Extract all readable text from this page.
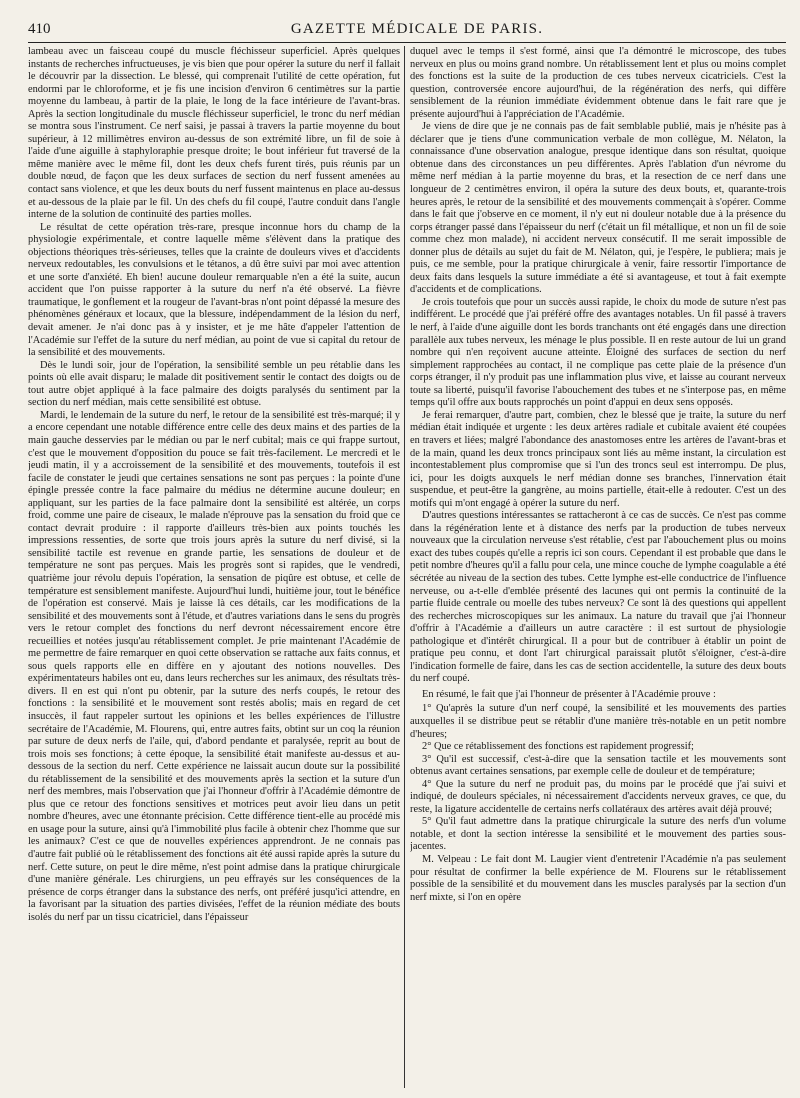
410	GAZETTE MÉDICALE DE PARIS.

lambeau avec un faisceau coupé du muscle fléchisseur superficiel. Après quelques instants de recherches infructueuses, je vis bien que pour opérer la suture du nerf il fallait le découvrir par la dissection. Le blessé, qui comprenait l'utilité de cette opération, fut endormi par le chloroforme, et je fis une incision d'environ 6 centimètres sur la partie moyenne du lambeau, à partir de la plaie, le long de la face intérieure de l'avant-bras. Après la section longitudinale du muscle fléchisseur superficiel, le tronc du nerf médian se montra sous l'instrument. Ce nerf saisi, je passai à travers la partie moyenne du bout supérieur, à 12 millimètres environ au-dessus de son extrémité libre, un fil de soie à l'aide d'une aiguille à staphyloraphie presque droite; le bout inférieur fut traversé de la même manière avec le même fil, dont les deux chefs furent tirés, puis réunis par un double nœud, de façon que les deux surfaces de section du nerf fussent amenées au contact sans violence, et que les deux bouts du nerf fussent maintenus en place au-dessus et au-dessous de la plaie par le fil. Un des chefs du fil coupé, l'autre conduit dans l'angle interne de la solution de continuité des parties molles.

Le résultat de cette opération très-rare, presque inconnue hors du champ de la physiologie expérimentale, et contre laquelle même s'élèvent dans la pratique des objections théoriques très-sérieuses, telles que la crainte de douleurs vives et d'accidents nerveux redoutables, les convulsions et le tétanos, a dû être suivi par moi avec attention et une sorte d'anxiété. Eh bien! aucune douleur remarquable n'en a été la suite, aucun accident que l'on puisse rapporter à la suture du nerf n'a été observé. La fièvre traumatique, le gonflement et la rougeur de l'avant-bras n'ont point dépassé la mesure des phénomènes généraux et locaux, que la blessure, indépendamment de la lésion du nerf, devait amener. Je n'ai donc pas à y insister, et je me hâte d'appeler l'attention de l'Académie sur l'effet de la suture du nerf médian, au point de vue si capital du retour de la sensibilité et des mouvements.

Dès le lundi soir, jour de l'opération, la sensibilité semble un peu rétablie dans les points où elle avait disparu; le malade dit positivement sentir le contact des doigts ou de tout autre objet appliqué à la face palmaire des doigts paralysés du sentiment par la section du nerf médian, mais cette sensibilité est obtuse.

Mardi, le lendemain de la suture du nerf, le retour de la sensibilité est très-marqué; il y a encore cependant une notable différence entre celle des deux mains et des parties de la main gauche desservies par le médian ou par le nerf cubital; mais ce qui frappe surtout, c'est que le mouvement d'opposition du pouce se fait très-facilement. Le mercredi et le jeudi matin, il y a accroissement de la sensibilité et des mouvements, toutefois il est facile de constater le jeudi que certaines sensations ne sont pas perçues : la pointe d'une épingle pressée contre la face palmaire du médius ne détermine aucune douleur; en appliquant, sur les parties de la face palmaire dont la sensibilité est altérée, un corps froid, comme une paire de ciseaux, le malade n'éprouve pas la sensation du froid que ce contact devrait produire : il rapporte d'ailleurs très-bien aux points touchés les impressions ressenties, de sorte que trois jours après la suture du nerf divisé, si la sensibilité tactile est revenue en grande partie, les sensations de douleur et de température ne sont pas perçues. Mais les progrès sont si rapides, que le vendredi, quatrième jour révolu depuis l'opération, la sensation de piqûre est obtuse, et celle de température est sensiblement manifeste. Aujourd'hui lundi, huitième jour, tout le bénéfice de l'opération est conservé. Mais je laisse là ces détails, car les modifications de la sensibilité et des mouvements sont à l'étude, et d'autres variations dans le sens du progrès vers le retour complet des fonctions du nerf devront nécessairement encore être recueillies et notées jusqu'au rétablissement complet. Je prie maintenant l'Académie de me permettre de faire remarquer en quoi cette observation se rattache aux faits connus, et sous quels rapports elle en diffère en y ajoutant des notions nouvelles. Des expérimentateurs habiles ont eu, dans leurs recherches sur les animaux, des résultats très-divers. Il en est qui n'ont pu obtenir, par la suture des nerfs coupés, le retour des fonctions : la sensibilité et le mouvement sont restés abolis; mais en regard de cet insuccès, il faut rappeler surtout les opinions et les belles expériences de l'illustre secrétaire de l'Académie, M. Flourens, qui, entre autres faits, obtint sur un coq la réunion par suture de deux nerfs de l'aile, qui, d'abord pendante et paralysée, reprit au bout de trois mois ses fonctions; à cette époque, la sensibilité était manifeste au-dessus et au-dessous de la section du nerf. Cette expérience ne laissait aucun doute sur la possibilité du rétablissement de la sensibilité et des mouvements après la section et la suture d'un nerf des membres, mais l'observation que j'ai l'honneur d'offrir à l'Académie démontre de plus que ce retour des fonctions sensitives et motrices peut avoir lieu dans un petit nombre d'heures, avec une étonnante précision. Cette différence tient-elle au procédé mis en usage pour la suture, ainsi qu'à l'immobilité plus facile à obtenir chez l'homme que sur les animaux? C'est ce que de nouvelles expériences apprendront. Je ne connais pas d'autre fait publié où le rétablissement des fonctions ait été aussi rapide après la suture du nerf. Cette suture, on peut le dire même, n'est point admise dans la pratique chirurgicale d'une manière générale. Les chirurgiens, un peu effrayés sur les conséquences de la présence de corps étranger dans la substance des nerfs, ont préféré jusqu'ici attendre, en la favorisant par la situation des parties divisées, l'effet de la réunion médiate des bouts isolés du nerf par un tissu cicatriciel, dans l'épaisseur

duquel avec le temps il s'est formé, ainsi que l'a démontré le microscope, des tubes nerveux en plus ou moins grand nombre. Un rétablissement lent et plus ou moins complet des fonctions est la suite de la production de ces tubes nerveux cicatriciels. C'est la question, controversée encore aujourd'hui, de la régénération des nerfs, qui diffère sensiblement de la réunion immédiate évidemment obtenue dans le fait rare que je présente aujourd'hui à l'appréciation de l'Académie.

Je viens de dire que je ne connais pas de fait semblable publié, mais je n'hésite pas à déclarer que je tiens d'une communication verbale de mon collègue, M. Nélaton, la connaissance d'une observation analogue, presque identique dans son résultat, quoique obtenue dans des circonstances un peu différentes. Après l'ablation d'un névrome du même nerf médian à la partie moyenne du bras, et la resection de ce nerf dans une longueur de 2 centimètres environ, il opéra la suture des deux bouts, et, quarante-trois heures après, le retour de la sensibilité et des mouvements commençait à s'opérer. Comme dans le fait que j'observe en ce moment, il n'y eut ni douleur notable due à la présence du corps étranger passé dans l'épaisseur du nerf (c'était un fil métallique, et non un fil de soie comme chez mon malade), ni accident nerveux consécutif. Il me serait impossible de donner plus de détails au sujet du fait de M. Nélaton, qui, je l'espère, le publiera; mais je puis, ce me semble, pour la pratique chirurgicale à venir, faire ressortir l'importance de deux faits dans lesquels la suture immédiate a été si avantageuse, et tout à fait exempte d'accidents et de complications.

Je crois toutefois que pour un succès aussi rapide, le choix du mode de suture n'est pas indifférent. Le procédé que j'ai préféré offre des avantages notables. Un fil passé à travers le nerf, à l'aide d'une aiguille dont les bords tranchants ont été engagés dans une direction parallèle aux tubes nerveux, les ménage le plus possible. Il en reste autour de lui un grand nombre qui n'en reçoivent aucune atteinte. Éloigné des surfaces de section du nerf simplement rapprochées au contact, il ne complique pas cette plaie de la présence d'un corps étranger, il n'y produit pas une inflammation plus vive, et laisse au courant nerveux toute sa liberté, puisqu'il favorise l'abouchement des tubes et ne s'interpose pas, en même temps qu'il offre aux bouts rapprochés un point d'appui en deux sens opposés.

Je ferai remarquer, d'autre part, combien, chez le blessé que je traite, la suture du nerf médian était indiquée et urgente : les deux artères radiale et cubitale avaient été coupées en travers et liées; malgré l'abondance des anastomoses entre les artères de l'avant-bras et de la main, quand les deux troncs principaux sont liés au même instant, la circulation est incontestablement plus compromise que si l'un des troncs seul est interrompu. De plus, ici, pour les doigts auxquels le nerf médian donne ses branches, l'innervation était suspendue, et peut-être la gangrène, au moins partielle, était-elle à redouter. C'est un des motifs qui m'ont engagé à opérer la suture du nerf.

D'autres questions intéressantes se rattacheront à ce cas de succès. Ce n'est pas comme dans la régénération lente et à distance des nerfs par la production de tubes nerveux nouveaux que la circulation nerveuse s'est rétablie, c'est par l'abouchement plus ou moins exact des tubes coupés qu'elle a repris ici son cours. Cependant il est probable que dans le petit nombre d'heures qu'il a fallu pour cela, une mince couche de lymphe coagulable a été sécrétée au niveau de la section des tubes. Cette lymphe est-elle conductrice de l'influence nerveuse, ou a-t-elle d'emblée présenté des lacunes qui ont permis la continuité de la partie fluide centrale ou moelle des tubes nerveux? Ce sont là des questions qui appellent des recherches microscopiques sur les animaux. La nature du travail que j'ai l'honneur d'offrir à l'Académie a d'ailleurs un autre caractère : il est surtout de physiologie pathologique et d'intérêt chirurgical. Il a pour but de contribuer à établir un point de pratique peu connu, et dont l'art chirurgical paraissait plutôt s'éloigner, c'est-à-dire l'indication formelle de faire, dans les cas de section accidentelle, la suture des deux bouts du nerf coupé.

En résumé, le fait que j'ai l'honneur de présenter à l'Académie prouve :

1° Qu'après la suture d'un nerf coupé, la sensibilité et les mouvements des parties auxquelles il se distribue peut se rétablir d'une manière très-notable en un petit nombre d'heures;

2° Que ce rétablissement des fonctions est rapidement progressif;

3° Qu'il est successif, c'est-à-dire que la sensation tactile et les mouvements sont obtenus avant certaines sensations, par exemple celle de douleur et de température;

4° Que la suture du nerf ne produit pas, du moins par le procédé que j'ai suivi et indiqué, de douleurs spéciales, ni nécessairement d'accidents nerveux graves, ce que, du reste, la ligature accidentelle de certains nerfs collatéraux des artères avait déjà prouvé;

5° Qu'il faut admettre dans la pratique chirurgicale la suture des nerfs d'un volume notable, et dont la section intéresse la sensibilité et le mouvement des parties sous-jacentes.

M. Velpeau : Le fait dont M. Laugier vient d'entretenir l'Académie n'a pas seulement pour résultat de confirmer la belle expérience de M. Flourens sur le rétablissement possible de la sensibilité et du mouvement dans les muscles paralysés par la section d'un nerf mixte, si l'on en opère
